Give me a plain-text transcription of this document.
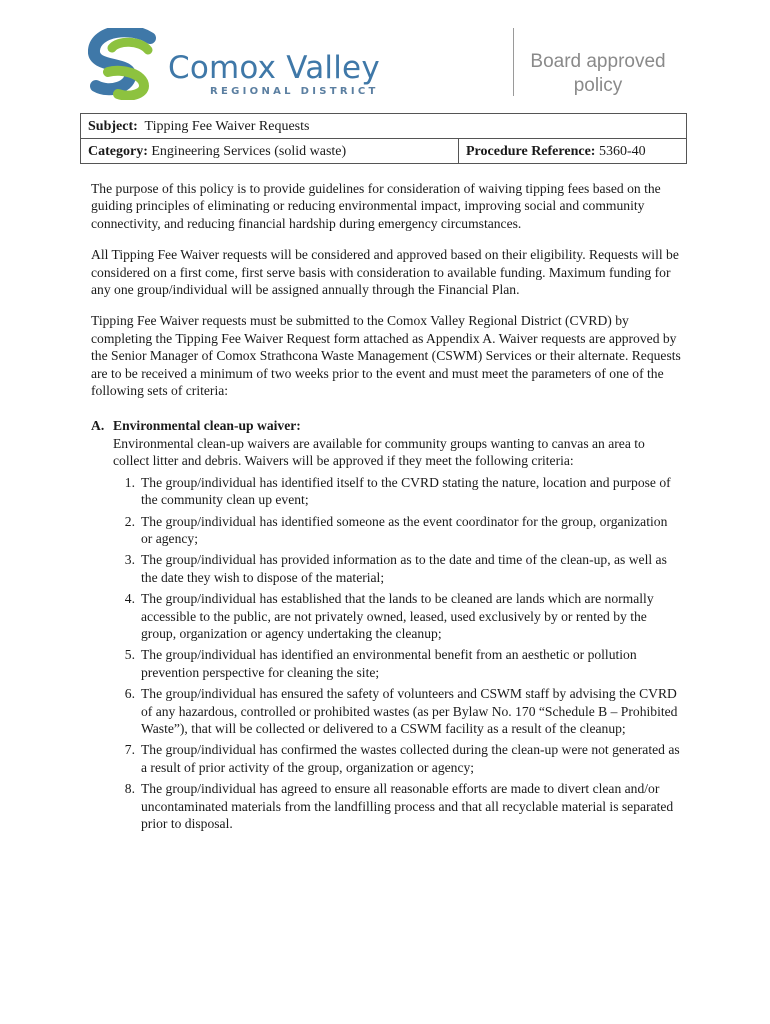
Comox Valley
REGIONAL DISTRICT
Board approved
policy
Subject: Tipping Fee Waiver Requests
Category: Engineering Services (solid waste)	Procedure Reference: 5360-40

The purpose of this policy is to provide guidelines for consideration of waiving tipping fees based on the guiding principles of eliminating or reducing environmental impact, improving social and community connectivity, and reducing financial hardship during emergency circumstances.

All Tipping Fee Waiver requests will be considered and approved based on their eligibility. Requests will be considered on a first come, first serve basis with consideration to available funding. Maximum funding for any one group/individual will be assigned annually through the Financial Plan.

Tipping Fee Waiver requests must be submitted to the Comox Valley Regional District (CVRD) by completing the Tipping Fee Waiver Request form attached as Appendix A. Waiver requests are approved by the Senior Manager of Comox Strathcona Waste Management (CSWM) Services or their alternate. Requests are to be received a minimum of two weeks prior to the event and must meet the parameters of one of the following sets of criteria:

A. Environmental clean-up waiver:
Environmental clean-up waivers are available for community groups wanting to canvas an area to collect litter and debris. Waivers will be approved if they meet the following criteria:
1. The group/individual has identified itself to the CVRD stating the nature, location and purpose of the community clean up event;
2. The group/individual has identified someone as the event coordinator for the group, organization or agency;
3. The group/individual has provided information as to the date and time of the clean-up, as well as the date they wish to dispose of the material;
4. The group/individual has established that the lands to be cleaned are lands which are normally accessible to the public, are not privately owned, leased, used exclusively by or rented by the group, organization or agency undertaking the cleanup;
5. The group/individual has identified an environmental benefit from an aesthetic or pollution prevention perspective for cleaning the site;
6. The group/individual has ensured the safety of volunteers and CSWM staff by advising the CVRD of any hazardous, controlled or prohibited wastes (as per Bylaw No. 170 “Schedule B – Prohibited Waste”), that will be collected or delivered to a CSWM facility as a result of the cleanup;
7. The group/individual has confirmed the wastes collected during the clean-up were not generated as a result of prior activity of the group, organization or agency;
8. The group/individual has agreed to ensure all reasonable efforts are made to divert clean and/or uncontaminated materials from the landfilling process and that all recyclable material is separated prior to disposal.
